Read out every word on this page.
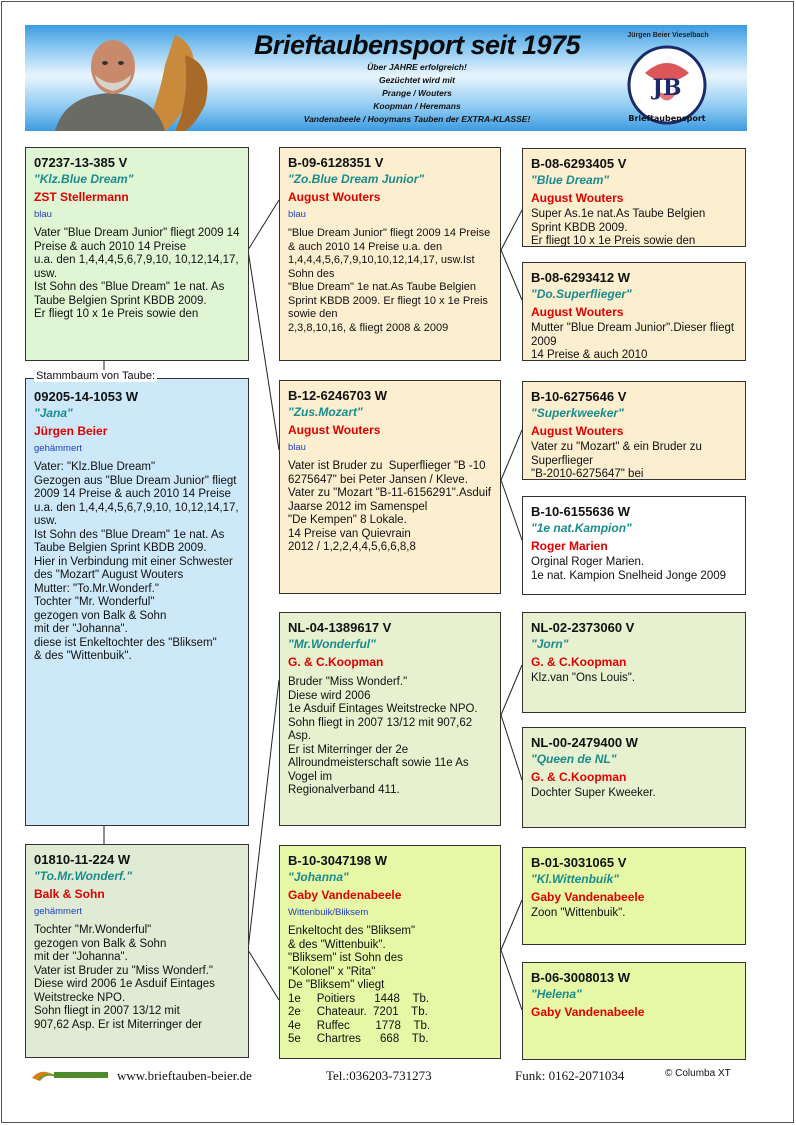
Brieftaubensport seit 1975
Über JAHRE erfolgreich!
Gezüchtet wird mit
Prange / Wouters
Koopman / Heremans
Vandenabeele / Hooymans Tauben der EXTRA-KLASSE!
Jürgen Beier Vieselbach
JB
Brieftaubensport
07237-13-385 V
"Klz.Blue Dream"
ZST Stellermann
blau
Vater "Blue Dream Junior" fliegt 2009 14 Preise & auch 2010 14 Preise
u.a. den 1,4,4,4,5,6,7,9,10, 10,12,14,17, usw.
Ist Sohn des "Blue Dream" 1e nat. As Taube Belgien Sprint KBDB 2009.
Er fliegt 10 x 1e Preis sowie den
09205-14-1053 W
"Jana"
Jürgen Beier
gehämmert
Vater: "Klz.Blue Dream"
Gezogen aus "Blue Dream Junior" fliegt 2009 14 Preise & auch 2010 14 Preise
u.a. den 1,4,4,4,5,6,7,9,10, 10,12,14,17, usw.
Ist Sohn des "Blue Dream" 1e nat. As Taube Belgien Sprint KBDB 2009.
Hier in Verbindung mit einer Schwester des "Mozart" August Wouters
Mutter: "To.Mr.Wonderf."
Tochter "Mr. Wonderful"
gezogen von Balk & Sohn
mit der "Johanna".
diese ist Enkeltochter des "Bliksem"
& des "Wittenbuik".
Stammbaum von Taube:
01810-11-224 W
"To.Mr.Wonderf."
Balk & Sohn
gehämmert
Tochter "Mr.Wonderful"
gezogen von Balk & Sohn
mit der "Johanna".
Vater ist Bruder zu "Miss Wonderf."
Diese wird 2006 1e Asduif Eintages Weitstrecke NPO.
Sohn fliegt in 2007 13/12 mit
907,62 Asp. Er ist Miterringer der
B-09-6128351 V
"Zo.Blue Dream Junior"
August Wouters
blau
"Blue Dream Junior" fliegt 2009 14 Preise & auch 2010 14 Preise u.a. den
1,4,4,4,5,6,7,9,10,10,12,14,17, usw.Ist Sohn des
"Blue Dream" 1e nat.As Taube Belgien Sprint KBDB 2009. Er fliegt 10 x 1e Preis sowie den
2,3,8,10,16, & fliegt 2008 & 2009
B-12-6246703 W
"Zus.Mozart"
August Wouters
blau
Vater ist Bruder zu  Superflieger "B -10 6275647" bei Peter Jansen / Kleve.
Vater zu "Mozart "B-11-6156291".Asduif Jaarse 2012 im Samenspel
"De Kempen" 8 Lokale.
14 Preise van Quievrain
2012 / 1,2,2,4,4,5,6,6,8,8
NL-04-1389617 V
"Mr.Wonderful"
G. & C.Koopman
Bruder "Miss Wonderf."
Diese wird 2006
1e Asduif Eintages Weitstrecke NPO.
Sohn fliegt in 2007 13/12 mit 907,62 Asp.
Er ist Miterringer der 2e Allroundmeisterschaft sowie 11e As Vogel im
Regionalverband 411.
B-10-3047198 W
"Johanna"
Gaby Vandenabeele
Wittenbuik/Bliksem
Enkeltocht des "Bliksem"
& des "Wittenbuik".
"Bliksem" ist Sohn des
"Kolonel" x "Rita"
De "Bliksem" vliegt
1e     Poitiers      1448    Tb.
2e     Chateaur.  7201    Tb.
4e     Ruffec        1778    Tb.
5e     Chartres      668    Tb.
B-08-6293405 V
"Blue Dream"
August Wouters
Super As.1e nat.As Taube Belgien Sprint KBDB 2009.
Er fliegt 10 x 1e Preis sowie den
B-08-6293412 W
"Do.Superflieger"
August Wouters
Mutter "Blue Dream Junior".Dieser fliegt 2009
14 Preise & auch 2010
B-10-6275646 V
"Superkweeker"
August Wouters
Vater zu "Mozart" & ein Bruder zu Superflieger
"B-2010-6275647" bei
B-10-6155636 W
"1e nat.Kampion"
Roger Marien
Orginal Roger Marien.
1e nat. Kampion Snelheid Jonge 2009
NL-02-2373060 V
"Jorn"
G. & C.Koopman
Klz.van "Ons Louis".
NL-00-2479400 W
"Queen de NL"
G. & C.Koopman
Dochter Super Kweeker.
B-01-3031065 V
"Kl.Wittenbuik"
Gaby Vandenabeele
Zoon "Wittenbuik".
B-06-3008013 W
"Helena"
Gaby Vandenabeele
www.brieftauben-beier.de	Tel.:036203-731273	Funk: 0162-2071034	© Columba XT
